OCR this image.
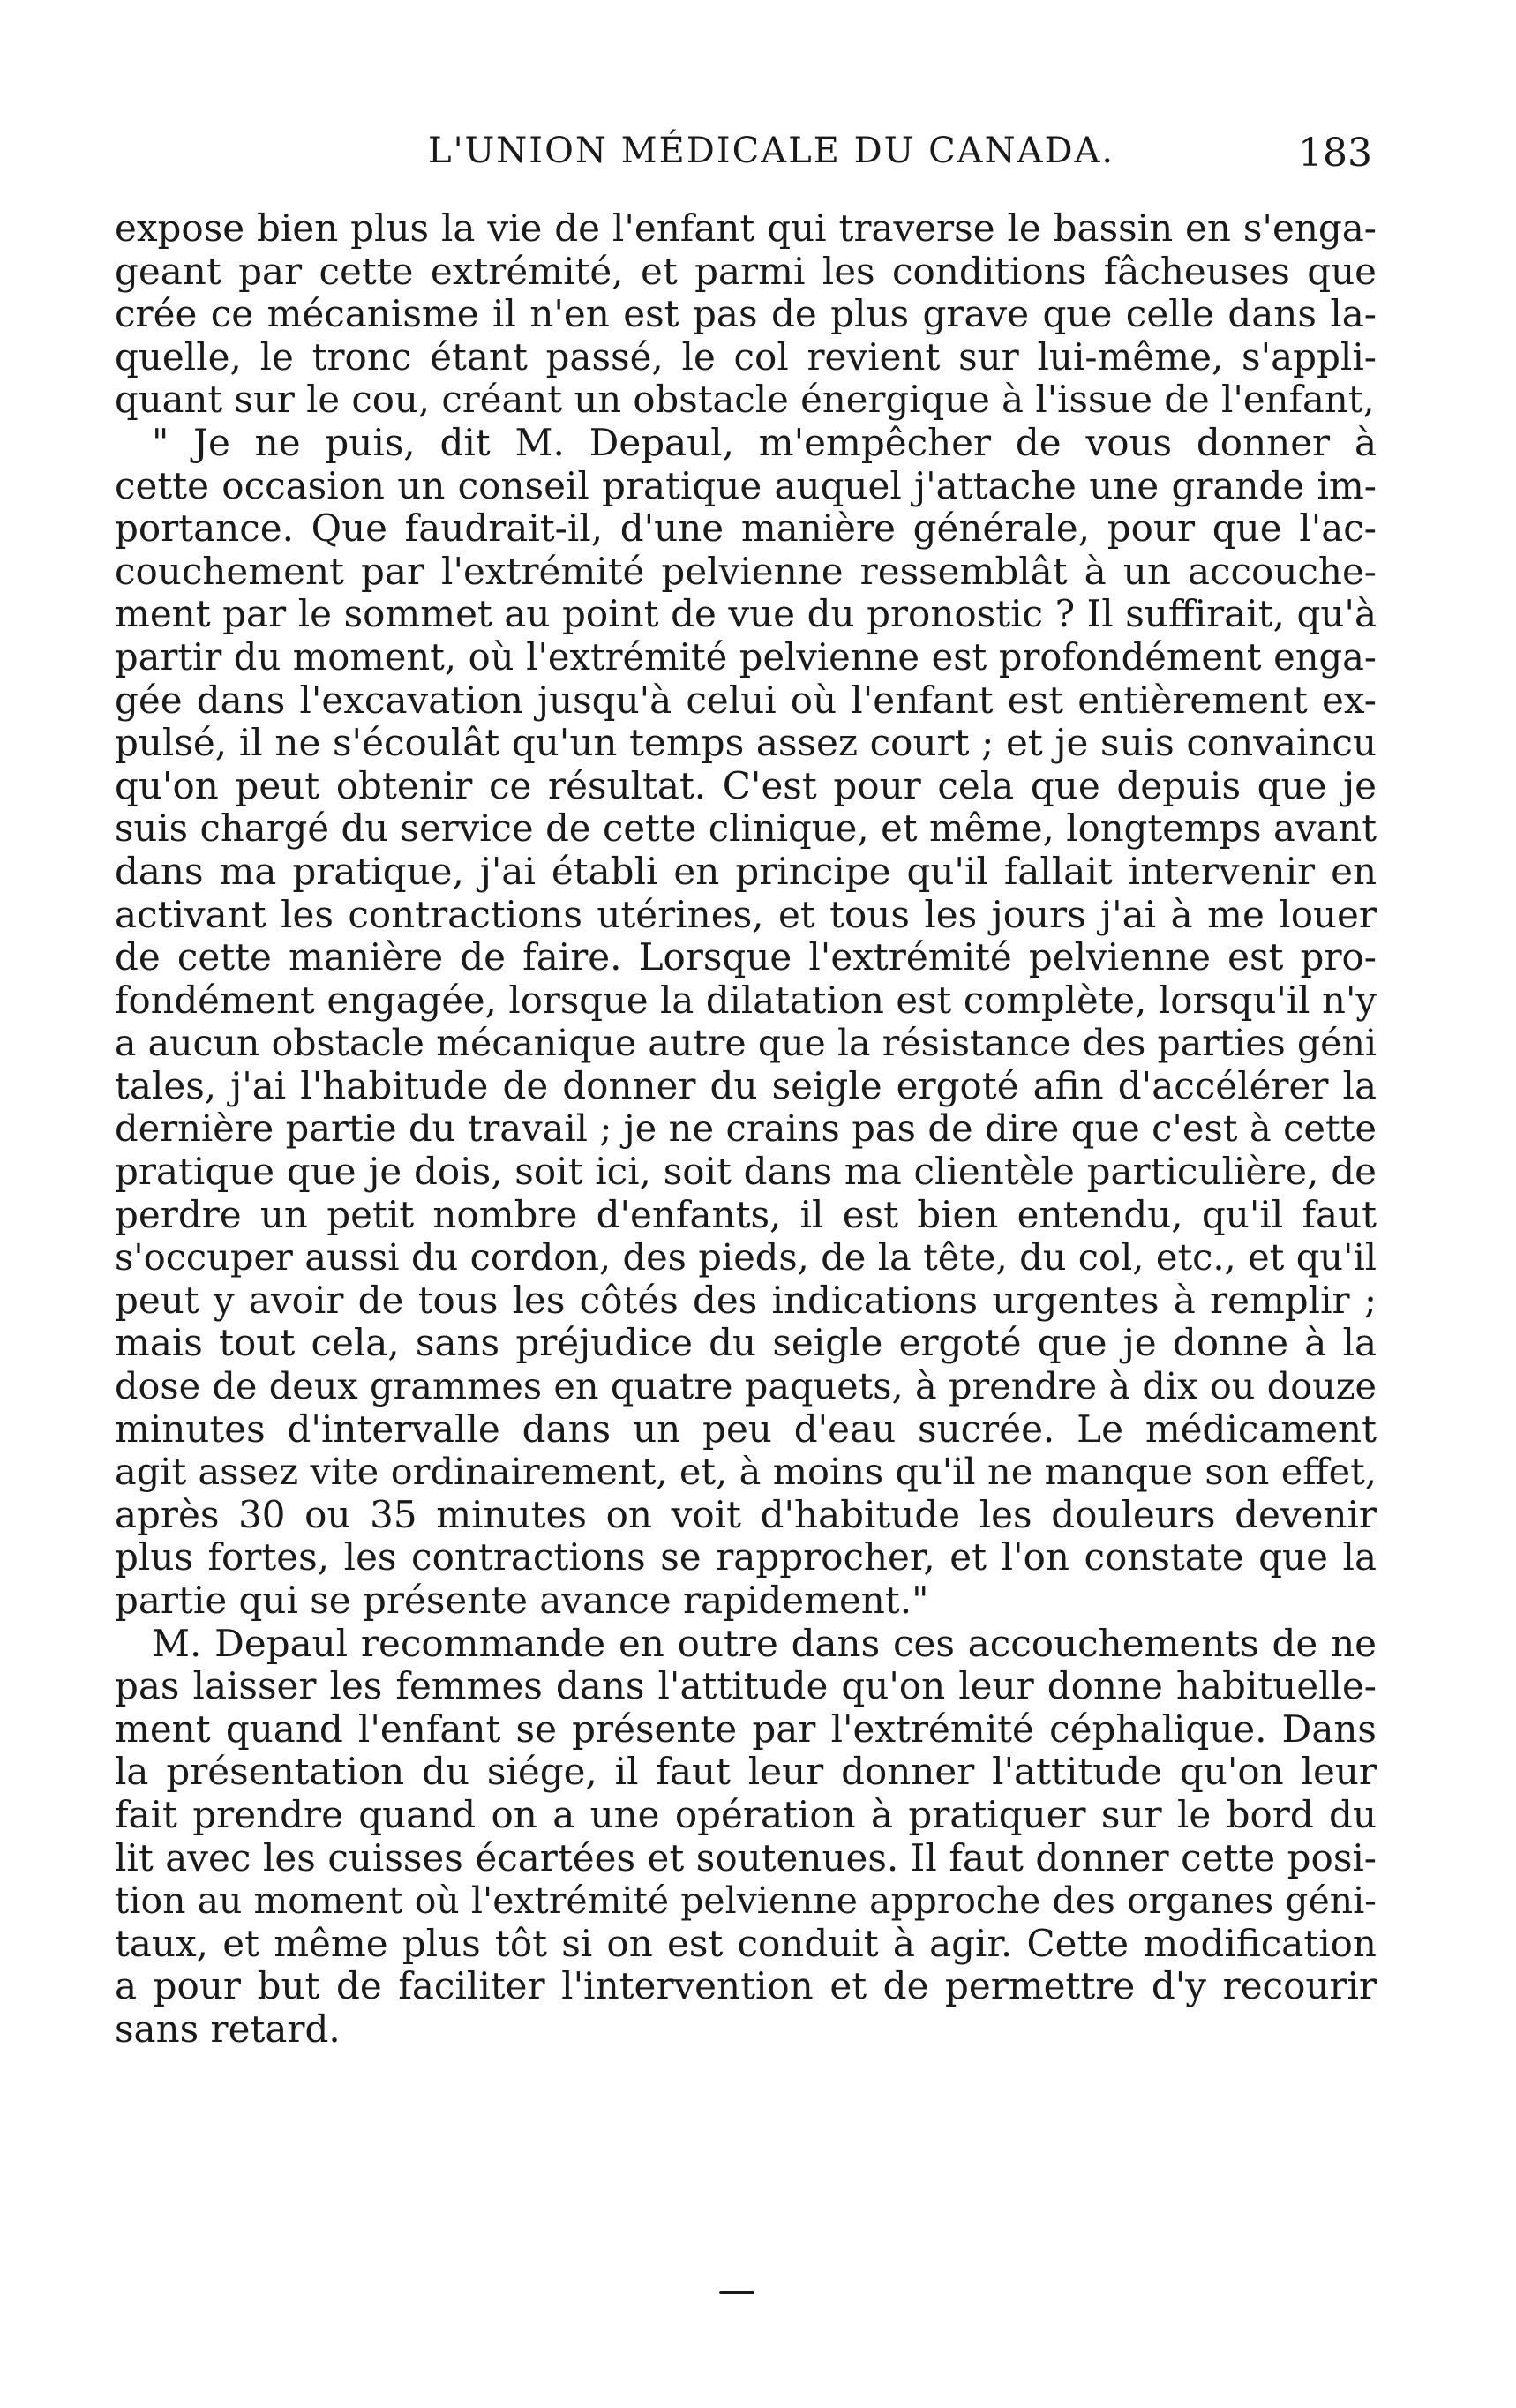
L'UNION MÉDICALE DU CANADA.	183
expose bien plus la vie de l'enfant qui traverse le bassin en s'enga-
geant par cette extrémité, et parmi les conditions fâcheuses que
crée ce mécanisme il n'en est pas de plus grave que celle dans la-
quelle, le tronc étant passé, le col revient sur lui-même, s'appli-
quant sur le cou, créant un obstacle énergique à l'issue de l'enfant,
" Je ne puis, dit M. Depaul, m'empêcher de vous donner à
cette occasion un conseil pratique auquel j'attache une grande im-
portance. Que faudrait-il, d'une manière générale, pour que l'ac-
couchement par l'extrémité pelvienne ressemblât à un accouche-
ment par le sommet au point de vue du pronostic ? Il suffirait, qu'à
partir du moment, où l'extrémité pelvienne est profondément enga-
gée dans l'excavation jusqu'à celui où l'enfant est entièrement ex-
pulsé, il ne s'écoulât qu'un temps assez court ; et je suis convaincu
qu'on peut obtenir ce résultat. C'est pour cela que depuis que je
suis chargé du service de cette clinique, et même, longtemps avant
dans ma pratique, j'ai établi en principe qu'il fallait intervenir en
activant les contractions utérines, et tous les jours j'ai à me louer
de cette manière de faire. Lorsque l'extrémité pelvienne est pro-
fondément engagée, lorsque la dilatation est complète, lorsqu'il n'y
a aucun obstacle mécanique autre que la résistance des parties géni
tales, j'ai l'habitude de donner du seigle ergoté afin d'accélérer la
dernière partie du travail ; je ne crains pas de dire que c'est à cette
pratique que je dois, soit ici, soit dans ma clientèle particulière, de
perdre un petit nombre d'enfants, il est bien entendu, qu'il faut
s'occuper aussi du cordon, des pieds, de la tête, du col, etc., et qu'il
peut y avoir de tous les côtés des indications urgentes à remplir ;
mais tout cela, sans préjudice du seigle ergoté que je donne à la
dose de deux grammes en quatre paquets, à prendre à dix ou douze
minutes d'intervalle dans un peu d'eau sucrée. Le médicament
agit assez vite ordinairement, et, à moins qu'il ne manque son effet,
après 30 ou 35 minutes on voit d'habitude les douleurs devenir
plus fortes, les contractions se rapprocher, et l'on constate que la
partie qui se présente avance rapidement."
M. Depaul recommande en outre dans ces accouchements de ne
pas laisser les femmes dans l'attitude qu'on leur donne habituelle-
ment quand l'enfant se présente par l'extrémité céphalique. Dans
la présentation du siége, il faut leur donner l'attitude qu'on leur
fait prendre quand on a une opération à pratiquer sur le bord du
lit avec les cuisses écartées et soutenues. Il faut donner cette posi-
tion au moment où l'extrémité pelvienne approche des organes géni-
taux, et même plus tôt si on est conduit à agir. Cette modification
a pour but de faciliter l'intervention et de permettre d'y recourir
sans retard.
